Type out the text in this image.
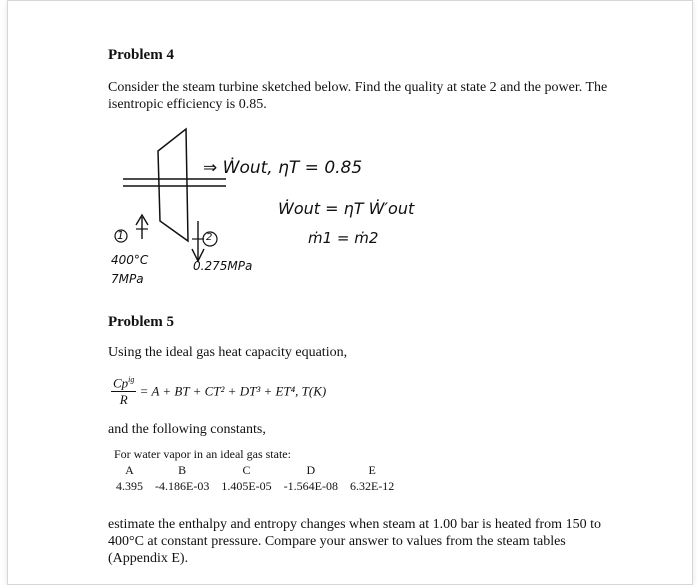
Problem 4
Consider the steam turbine sketched below. Find the quality at state 2 and the power. The
isentropic efficiency is 0.85.
1	2
⇒ Ẇout, ηT = 0.85
Ẇout = ηT Ẇ′out
ṁ1 = ṁ2
400°C
7MPa
0.275MPa
Problem 5
Using the ideal gas heat capacity equation,
$\frac{Cp^{ig}}{R} = A$ + BT + CT² + DT³ + ET⁴, T(K)
and the following constants,
For water vapor in an ideal gas state:
A	B	C	D	E
4.395	-4.186E-03	1.405E-05	-1.564E-08	6.32E-12
estimate the enthalpy and entropy changes when steam at 1.00 bar is heated from 150 to
400°C at constant pressure. Compare your answer to values from the steam tables
(Appendix E).
